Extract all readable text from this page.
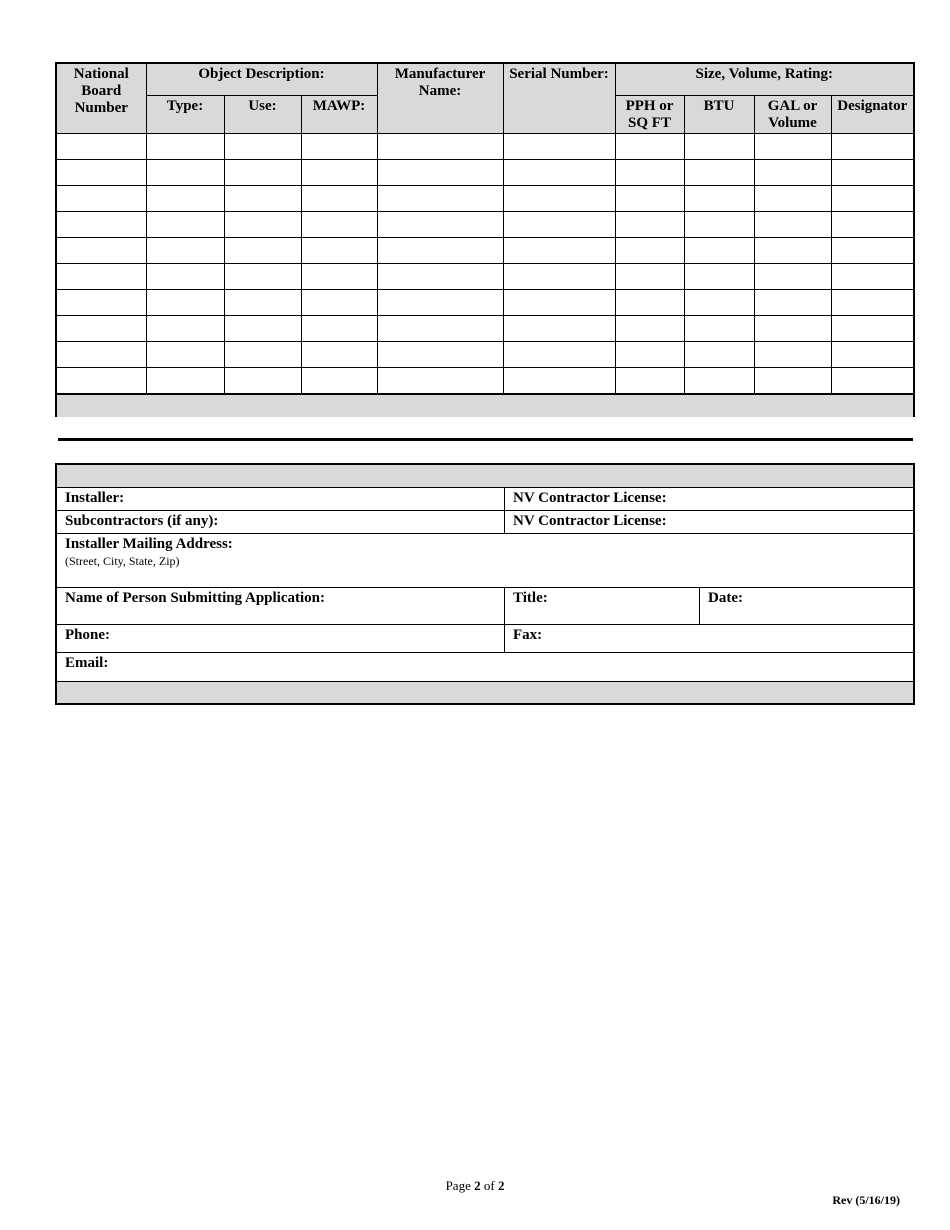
National Board Number	Object Description:			Manufacturer Name:	Serial Number:	Size, Volume, Rating:			
	Type:	Use:	MAWP:			PPH or SQ FT	BTU	GAL or Volume	Designator

Installer:	NV Contractor License:
Subcontractors (if any):	NV Contractor License:
Installer Mailing Address:
(Street, City, State, Zip)
Name of Person Submitting Application:	Title:	Date:
Phone:	Fax:
Email:
Page 2 of 2
Rev (5/16/19)
